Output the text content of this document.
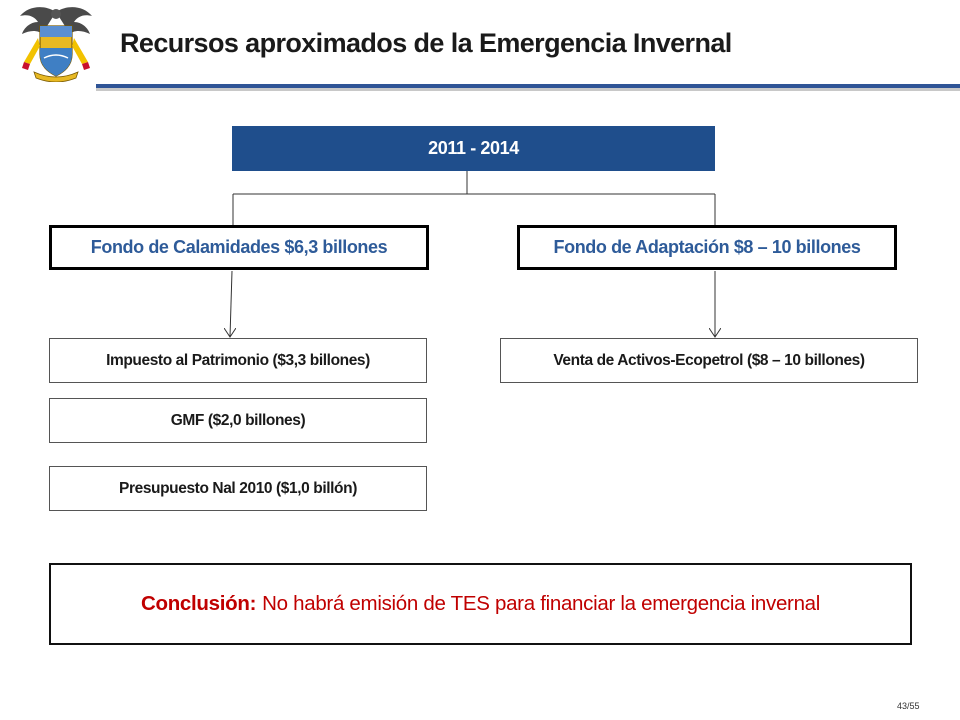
Recursos aproximados de la Emergencia Invernal
2011 - 2014
Fondo de Calamidades $6,3 billones	Fondo de Adaptación $8 – 10 billones
Impuesto al Patrimonio ($3,3 billones)
GMF ($2,0 billones)
Presupuesto Nal 2010 ($1,0 billón)
Venta de Activos-Ecopetrol ($8 – 10 billones)
Conclusión: No habrá emisión de TES para financiar la emergencia invernal
43/55
